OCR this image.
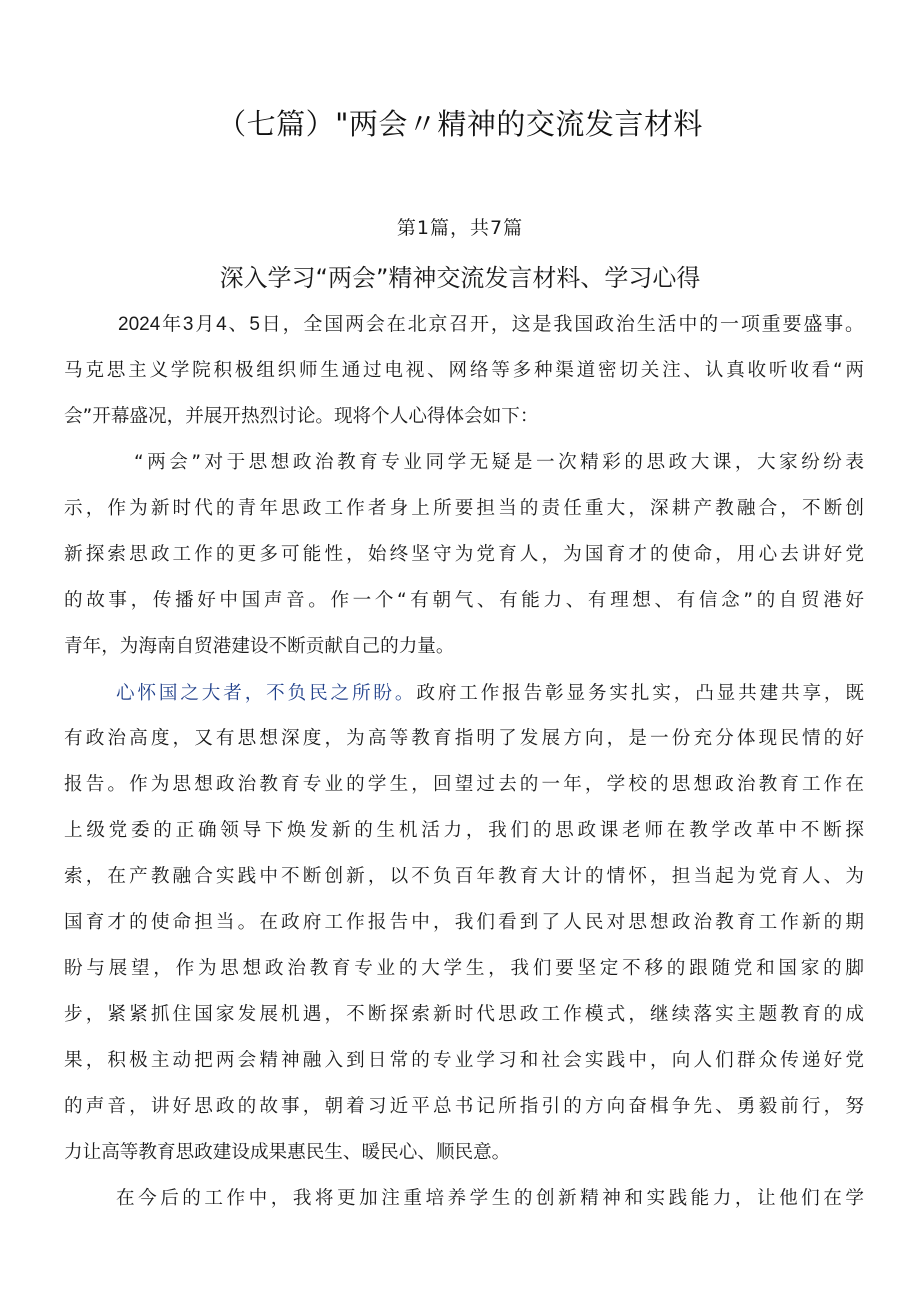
（七篇）"两会〃精神的交流发言材料
第1篇，共7篇
深入学习“两会”精神交流发言材料、学习心得
2024年3月4、5日，全国两会在北京召开，这是我国政治生活中的一项重要盛事。
马克思主义学院积极组织师生通过电视、网络等多种渠道密切关注、认真收听收看“两
会”开幕盛况，并展开热烈讨论。现将个人心得体会如下：
“两会”对于思想政治教育专业同学无疑是一次精彩的思政大课，大家纷纷表
示，作为新时代的青年思政工作者身上所要担当的责任重大，深耕产教融合，不断创
新探索思政工作的更多可能性，始终坚守为党育人，为国育才的使命，用心去讲好党
的故事，传播好中国声音。作一个“有朝气、有能力、有理想、有信念”的自贸港好
青年，为海南自贸港建设不断贡献自己的力量。
心怀国之大者，不负民之所盼。政府工作报告彰显务实扎实，凸显共建共享，既
有政治高度，又有思想深度，为高等教育指明了发展方向，是一份充分体现民情的好
报告。作为思想政治教育专业的学生，回望过去的一年，学校的思想政治教育工作在
上级党委的正确领导下焕发新的生机活力，我们的思政课老师在教学改革中不断探
索，在产教融合实践中不断创新，以不负百年教育大计的情怀，担当起为党育人、为
国育才的使命担当。在政府工作报告中，我们看到了人民对思想政治教育工作新的期
盼与展望，作为思想政治教育专业的大学生，我们要坚定不移的跟随党和国家的脚
步，紧紧抓住国家发展机遇，不断探索新时代思政工作模式，继续落实主题教育的成
果，积极主动把两会精神融入到日常的专业学习和社会实践中，向人们群众传递好党
的声音，讲好思政的故事，朝着习近平总书记所指引的方向奋楫争先、勇毅前行，努
力让高等教育思政建设成果惠民生、暖民心、顺民意。
在今后的工作中，我将更加注重培养学生的创新精神和实践能力，让他们在学
